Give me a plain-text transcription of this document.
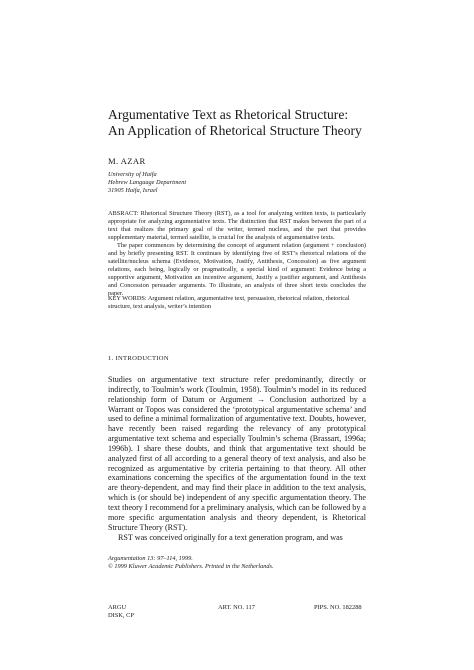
Argumentative Text as Rhetorical Structure:
An Application of Rhetorical Structure Theory
M. AZAR
University of Haifa
Hebrew Language Department
31905 Haifa, Israel

ABSRACT: Rhetorical Structure Theory (RST), as a tool for analyzing written texts, is particularly appropriate for analyzing argumentative texts. The distinction that RST makes between the part of a text that realizes the primary goal of the writer, termed nucleus, and the part that provides supplementary material, termed satellite, is crucial for the analysis of argumentative texts.

The paper commences by determining the concept of argument relation (argument + conclusion) and by briefly presenting RST. It continues by identifying five of RST’s rhetorical relations of the satellite/nucleus schema (Evidence, Motivation, Justify, Antithesis, Concession) as five argument relations, each being, logically or pragmatically, a special kind of argument: Evidence being a supportive argument, Motivation an incentive argument, Justify a justifier argument, and Antithesis and Concession persuader arguments. To illustrate, an analysis of three short texts concludes the paper.

KEY WORDS: Argument relation, argumentative text, persuasion, rhetorical relation, rhetorical structure, text analysis, writer’s intention
1. INTRODUCTION

Studies on argumentative text structure refer predominantly, directly or indirectly, to Toulmin’s work (Toulmin, 1958). Toulmin’s model in its reduced relationship form of Datum or Argument → Conclusion authorized by a Warrant or Topos was considered the ‘prototypical argumentative schema’ and used to define a minimal formalization of argumentative text. Doubts, however, have recently been raised regarding the relevancy of any prototypical argumentative text schema and especially Toulmin’s schema (Brassart, 1996a; 1996b). I share these doubts, and think that argumentative text should be analyzed first of all according to a general theory of text analysis, and also be recognized as argumentative by criteria pertaining to that theory. All other examinations concerning the specifics of the argumentation found in the text are theory-dependent, and may find their place in addition to the text analysis, which is (or should be) independent of any specific argumentation theory. The text theory I recommend for a preliminary analysis, which can be followed by a more specific argumentation analysis and theory dependent, is Rhetorical Structure Theory (RST).

RST was conceived originally for a text generation program, and was

Argumentation 13: 97–114, 1999.
© 1999 Kluwer Academic Publishers. Printed in the Netherlands.
ARGU
DISK, CP
ART. NO. 117	PIPS. NO. 182288
